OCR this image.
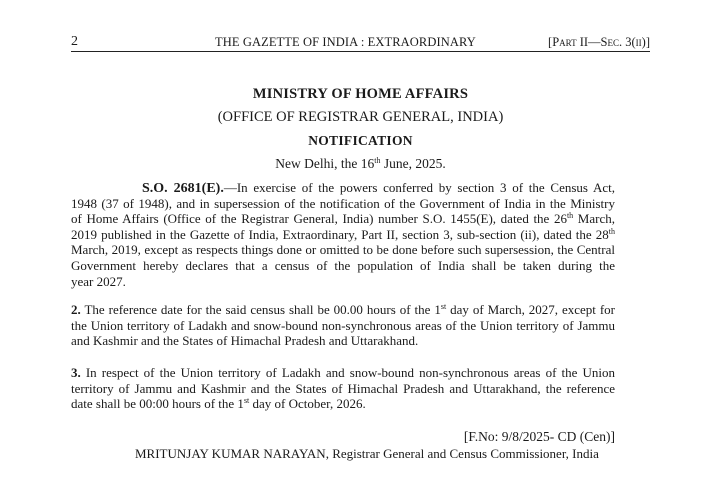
2	THE GAZETTE OF INDIA : EXTRAORDINARY	[Part II—Sec. 3(ii)]
MINISTRY OF HOME AFFAIRS
(OFFICE OF REGISTRAR GENERAL, INDIA)
NOTIFICATION
New Delhi, the 16th June, 2025.
S.O. 2681(E).—In exercise of the powers conferred by section 3 of the Census Act,
1948 (37 of 1948), and in supersession of the notification of the Government of India in the Ministry
of Home Affairs (Office of the Registrar General, India) number S.O. 1455(E), dated the 26th March,
2019 published in the Gazette of India, Extraordinary, Part II, section 3, sub-section (ii), dated the 28th
March, 2019, except as respects things done or omitted to be done before such supersession, the Central
Government hereby declares that a census of the population of India shall be taken during the
year 2027.
2. The reference date for the said census shall be 00.00 hours of the 1st day of March, 2027, except for
the Union territory of Ladakh and snow-bound non-synchronous areas of the Union territory of Jammu
and Kashmir and the States of Himachal Pradesh and Uttarakhand.
3. In respect of the Union territory of Ladakh and snow-bound non-synchronous areas of the Union
territory of Jammu and Kashmir and the States of Himachal Pradesh and Uttarakhand, the reference
date shall be 00:00 hours of the 1st day of October, 2026.
[F.No: 9/8/2025- CD (Cen)]
MRITUNJAY KUMAR NARAYAN, Registrar General and Census Commissioner, India
